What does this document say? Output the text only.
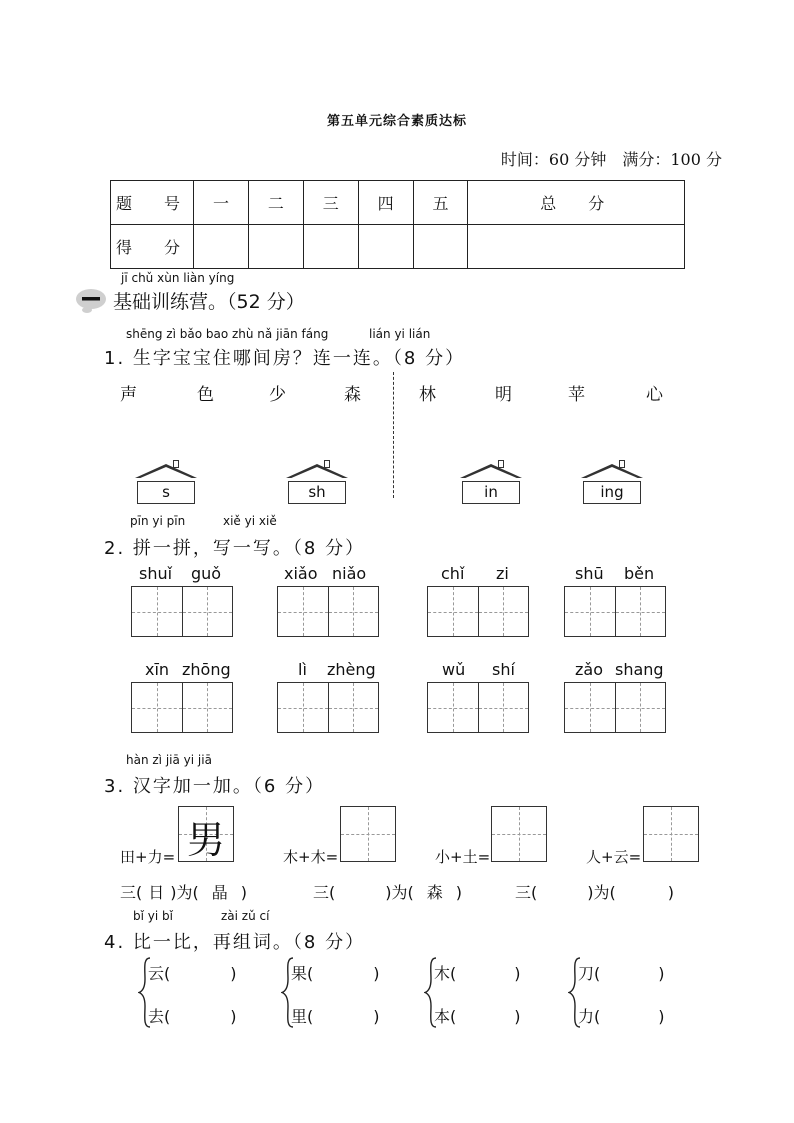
第五单元综合素质达标
时间：60 分钟　满分：100 分
题　号	一	二	三	四	五	总　分
得　分						
jī chǔ xùn liàn yíng
基础训练营。（52 分）
shēng zì bǎo bao zhù nǎ jiān fáng	lián yi lián
1. 生字宝宝住哪间房？连一连。（8 分）
声	色	少	森	林	明	苹	心
s	sh	in	ing
pīn yi pīn	xiě yi xiě
2. 拼一拼，写一写。（8 分）
shuǐ guǒ	xiǎo niǎo	chǐ zi	shū běn
xīn zhōng	lì zhèng	wǔ shí	zǎo shang
hàn zì jiā yi jiā
3. 汉字加一加。（6 分）
田+力= 男	木+木=	小+土=	人+云=
三( 日 )为( 晶 )	三(	)为( 森 )	三(	)为(	)
bǐ yi bǐ	zài zǔ cí
4. 比一比，再组词。（8 分）
云(	)
去(	)
果(	)
里(	)
木(	)
本(	)
刀(	)
力(	)
